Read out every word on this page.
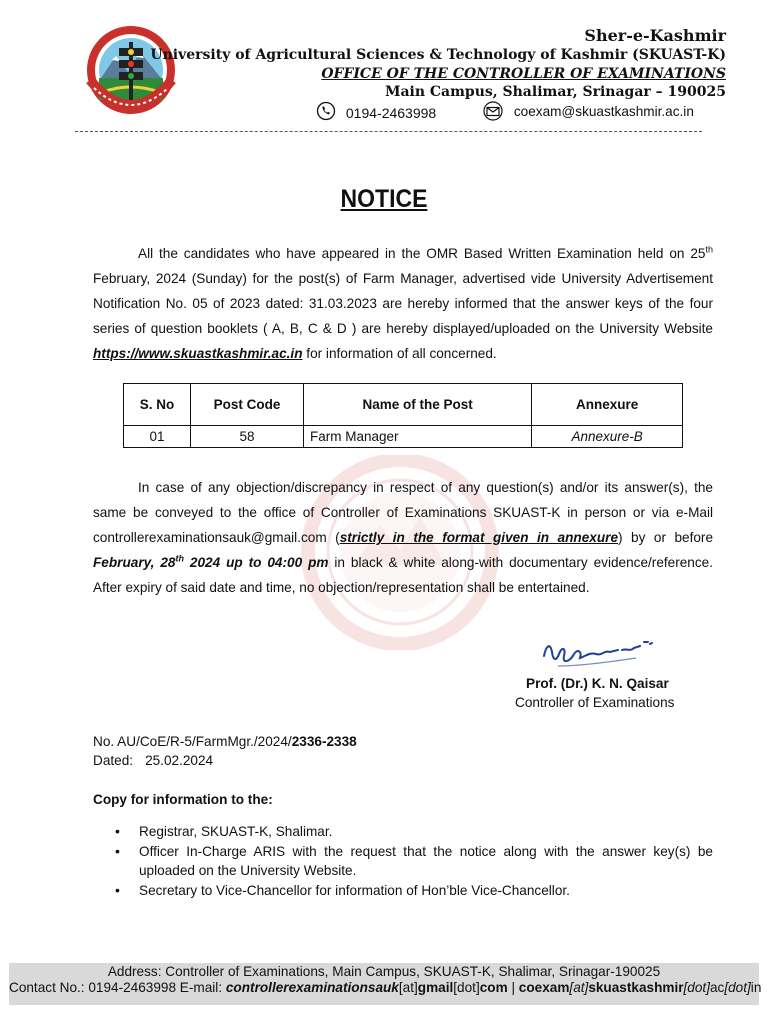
Sher-e-Kashmir
University of Agricultural Sciences & Technology of Kashmir (SKUAST-K)
OFFICE OF THE CONTROLLER OF EXAMINATIONS
Main Campus, Shalimar, Srinagar – 190025
0194-2463998	coexam@skuastkashmir.ac.in
NOTICE
All the candidates who have appeared in the OMR Based Written Examination held on 25th February, 2024 (Sunday) for the post(s) of Farm Manager, advertised vide University Advertisement Notification No. 05 of 2023 dated: 31.03.2023 are hereby informed that the answer keys of the four series of question booklets ( A, B, C & D ) are hereby displayed/uploaded on the University Website https://www.skuastkashmir.ac.in for information of all concerned.
S. No	Post Code	Name of the Post	Annexure
01	58	Farm Manager	Annexure-B
In case of any objection/discrepancy in respect of any question(s) and/or its answer(s), the same be conveyed to the office of Controller of Examinations SKUAST-K in person or via e-Mail controllerexaminationsauk@gmail.com (strictly in the format given in annexure) by or before February, 28th 2024 up to 04:00 pm in black & white along-with documentary evidence/reference. After expiry of said date and time, no objection/representation shall be entertained.
Prof. (Dr.) K. N. Qaisar
Controller of Examinations
No. AU/CoE/R-5/FarmMgr./2024/2336-2338
Dated: 25.02.2024
Copy for information to the:
• Registrar, SKUAST-K, Shalimar.
• Officer In-Charge ARIS with the request that the notice along with the answer key(s) be uploaded on the University Website.
• Secretary to Vice-Chancellor for information of Hon’ble Vice-Chancellor.
Address: Controller of Examinations, Main Campus, SKUAST-K, Shalimar, Srinagar-190025
Contact No.: 0194-2463998 E-mail: controllerexaminationsauk[at]gmail[dot]com | coexam[at]skuastkashmir[dot]ac[dot]in
